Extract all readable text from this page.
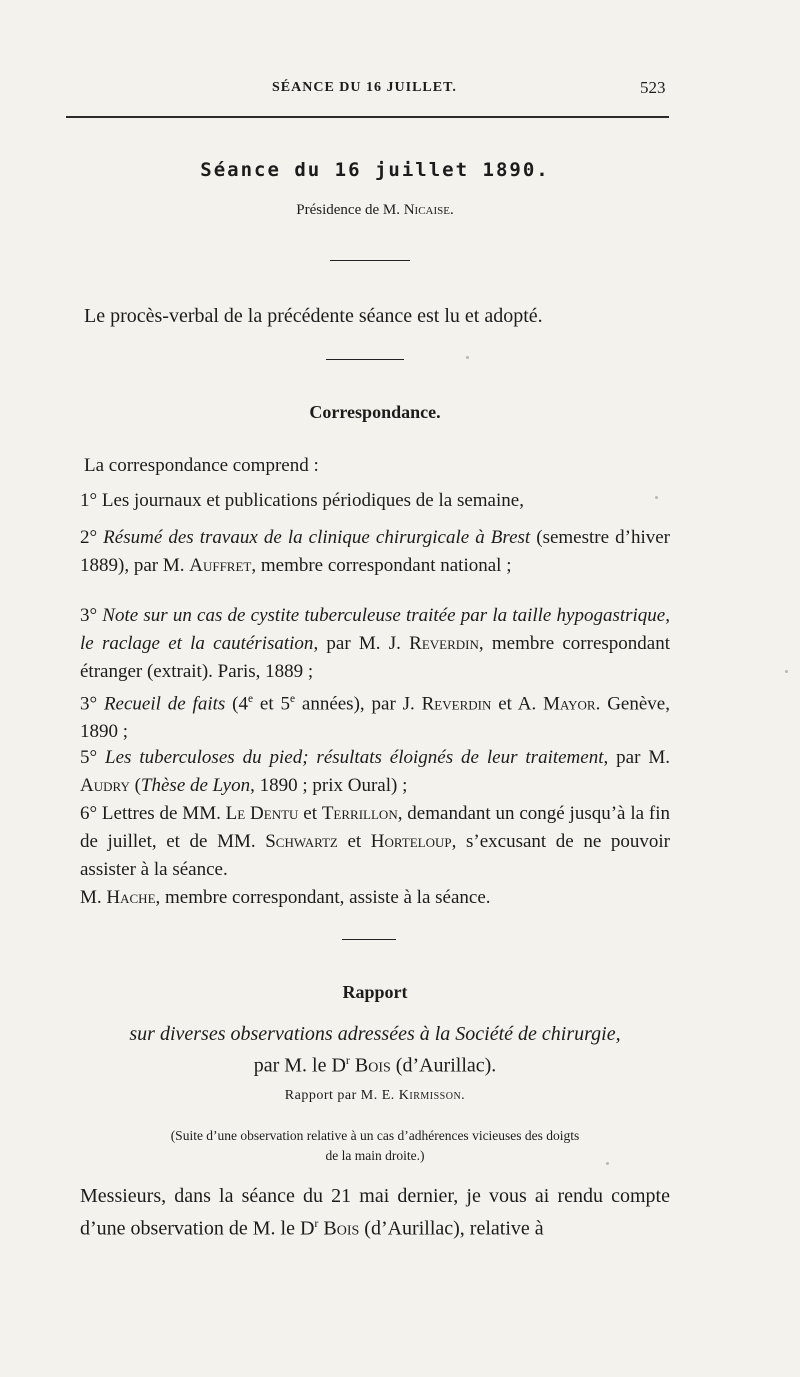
SÉANCE DU 16 JUILLET.	523
Séance du 16 juillet 1890.
Présidence de M. Nicaise.
Le procès-verbal de la précédente séance est lu et adopté.
Correspondance.
La correspondance comprend :
1° Les journaux et publications périodiques de la semaine,
2° Résumé des travaux de la clinique chirurgicale à Brest (semestre d’hiver 1889), par M. Auffret, membre correspondant national ;
3° Note sur un cas de cystite tuberculeuse traitée par la taille hypogastrique, le raclage et la cautérisation, par M. J. Reverdin, membre correspondant étranger (extrait). Paris, 1889 ;
3° Recueil de faits (4e et 5e années), par J. Reverdin et A. Mayor. Genève, 1890 ;
5° Les tuberculoses du pied; résultats éloignés de leur traitement, par M. Audry (Thèse de Lyon, 1890 ; prix Oural) ;
6° Lettres de MM. Le Dentu et Terrillon, demandant un congé jusqu’à la fin de juillet, et de MM. Schwartz et Horteloup, s’excusant de ne pouvoir assister à la séance.
M. Hache, membre correspondant, assiste à la séance.
Rapport
sur diverses observations adressées à la Société de chirurgie,
par M. le $D^r$ Bois (d’Aurillac).
Rapport par M. E. Kirmisson.
(Suite d’une observation relative à un cas d’adhérences vicieuses des doigts
de la main droite.)
Messieurs, dans la séance du 21 mai dernier, je vous ai rendu compte d’une observation de M. le $D^r$ Bois (d’Aurillac), relative à
